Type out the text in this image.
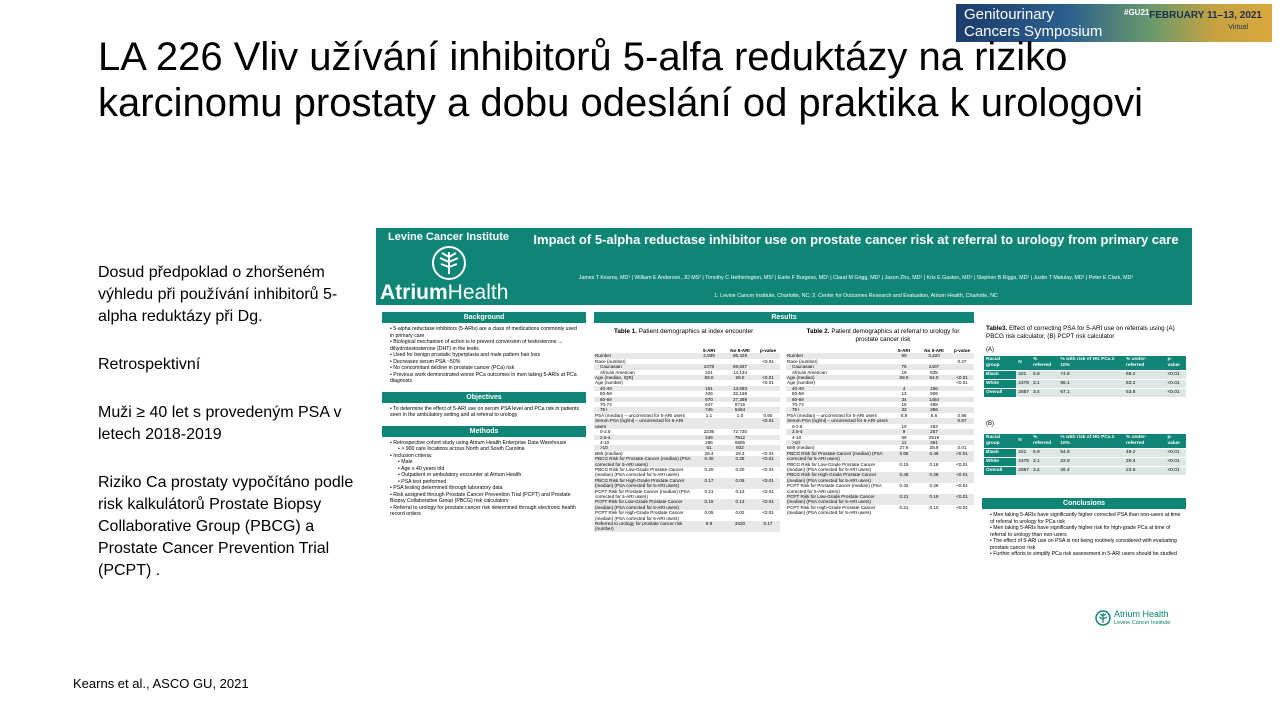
Genitourinary
Cancers Symposium
#GU21 FEBRUARY 11–13, 2021
Virtual
LA 226 Vliv užívání inhibitorů 5-alfa reduktázy na riziko karcinomu prostaty a dobu odeslání od praktika k urologovi

Dosud předpoklad o zhoršeném výhledu při používání inhibitorů 5-alpha reduktázy při Dg.

Retrospektivní

Muži ≥ 40 let s provedeným PSA v letech 2018-2019

Riziko Ca prostaty vypočítáno podle risk kalkulátorů Prostate Biopsy Collaborative Group (PBCG) a Prostate Cancer Prevention Trial (PCPT) .

Kearns et al., ASCO GU, 2021
Levine Cancer Institute
AtriumHealth
Impact of 5-alpha reductase inhibitor use on prostate cancer risk at referral to urology from primary care
James T Kearns, MD¹ | William E Anderson, JD MS² | Timothy C Hetherington, MS² | Earle F Burgess, MD¹ | Claud M Grigg, MD¹ | Jason Zhu, MD¹ | Kris E Gaston, MD¹ | Stephen B Riggs, MD¹ | Justin T Matulay, MD¹ | Peter E Clark, MD¹
1. Levine Cancer Institute, Charlotte, NC; 2. Center for Outcomes Research and Evaluation, Atrium Health, Charlotte, NC
Background
• 5-alpha reductase inhibitors (5-ARIs) are a class of medications commonly used in primary care
• Biological mechanism of action is to prevent conversion of testosterone → dihydrotestosterone (DHT) in the testis
• Used for benign prostatic hyperplasia and male pattern hair loss
• Decreases serum PSA ~50%
• No concomitant decline in prostate cancer (PCa) risk
• Previous work demonstrated worse PCa outcomes in men taking 5-ARIs at PCa diagnosis
Objectives
• To determine the effect of 5-ARI use on serum PSA level and PCa risk in patients seen in the ambulatory setting and at referral to urology
Methods
• Retrospective cohort study using Atrium Health Enterprise Data Warehouse
• > 900 care locations across North and South Carolina
• Inclusion criteria:
• Male
• Age ≥ 40 years old
• Outpatient or ambulatory encounter at Atrium Health
• PSA test performed
• PSA testing determined through laboratory data
• Risk assigned through Prostate Cancer Prevention Trial (PCPT) and Prostate Biopsy Collaborative Group (PBCG) risk calculators
• Referral to urology for prostate cancer risk determined through electronic health record orders
Results
Table 1. Patient demographics at index encounter
	5-ARI	No 5-ARI	p-value
Number	2,939	86,429	
Race (number)			<0.01
Caucasian	2478	69,837	
African American	321	14,134	
Age (median, IQR)	69.0	59.0	<0.01
Age (number)			<0.01
40-49	151	13,693	
50-59	426	32,168	
60-69	970	27,389	
70-74	647	8715	
75+	745	6464	
PSA (median) – uncorrected for 5-ARI users	1.1	1.0	0.60
Serum PSA (ng/ml) – uncorrected for 5-ARI users			<0.01
0-2.5	2236	72,730	
2.5-4	346	7912	
4-10	296	6865	
>10	61	922	
BMI (median)	28.4	29.3	<0.01
PBCG Risk for Prostate Cancer (median) (PSA corrected for 5-ARI users)	0.40	0.28	<0.01
PBCG Risk for Low-Grade Prostate Cancer (median) (PSA corrected for 5-ARI users)	0.20	0.20	<0.01
PBCG Risk for High-Grade Prostate Cancer (median) (PSA corrected for 5-ARI users)	0.17	0.06	<0.01
PCPT Risk for Prostate Cancer (median) (PSA corrected for 5-ARI users)	0.21	0.13	<0.01
PCPT Risk for Low-Grade Prostate Cancer (median) (PSA corrected for 5-ARI users)	0.16	0.12	<0.01
PCPT Risk for High-Grade Prostate Cancer (median) (PSA corrected for 5-ARI users)	0.05	0.02	<0.01
Referred to urology for prostate cancer risk (number)	9.9	3420	0.17
Table 2. Patient demographics at referral to urology for prostate cancer risk
	5-ARI	No 5-ARI	p-value
Number	99	3,420	
Race (number)			0.27
Caucasian	76	2407	
African American	19	835	
Age (median)	69.0	64.0	<0.01
Age (number)			<0.01
40-49	4	156	
50-59	13	906	
60-69	34	1484	
70-74	15	488	
75+	33	386	
PSA (median) – uncorrected for 5-ARI users	5.8	5.6	0.86
Serum PSA (ng/ml) – uncorrected for 5-ARI users			0.57
0-2.5	10	283	
2.5-4	9	257	
4-10	69	2519	
>10	11	361	
BMI (median)	27.6	28.9	0.01
PBCG Risk for Prostate Cancer (median) (PSA corrected for 5-ARI users)	0.65	0.49	<0.01
PBCG Risk for Low-Grade Prostate Cancer (median) (PSA corrected for 5-ARI users)	0.15	0.18	<0.01
PBCG Risk for High-Grade Prostate Cancer (median) (PSA corrected for 5-ARI users)	0.48	0.28	<0.01
PCPT Risk for Prostate Cancer (median) (PSA corrected for 5-ARI users)	0.42	0.29	<0.01
PCPT Risk for Low-Grade Prostate Cancer (median) (PSA corrected for 5-ARI users)	0.21	0.19	<0.01
PCPT Risk for High-Grade Prostate Cancer (median) (PSA corrected for 5-ARI users)	0.21	0.10	<0.01
Table3. Effect of correcting PSA for 5-ARI use on referrals using (A) PBCG risk calculator, (B) PCPT risk calculator
(A)
Racial group	N	% referred	% with risk of HG PCa ≥ 10%	% under-referred	p-value
Black	321	5.9	74.8	69.2	<0.01
White	2478	3.1	66.1	63.2	<0.01
Overall	2857	3.4	67.1	63.8	<0.01
(B)
Racial group	N	% referred	% with risk of HG PCa ≥ 10%	% under-referred	p-value
Black	321	5.9	54.8	49.2	<0.01
White	2478	3.1	22.8	20.4	<0.01
Overall	2857	3.4	26.4	23.6	<0.01
Conclusions
• Men taking 5-ARIs have significantly higher corrected PSA than non-users at time of referral to urology for PCa risk
• Men taking 5-ARIs have significantly higher risk for high-grade PCa at time of referral to urology than non-users
• The effect of 5-ARI use on PSA is not being routinely considered with evaluating prostate cancer risk
• Further efforts to simplify PCa risk assessment in 5-ARI users should be studied
Atrium Health
Levine Cancer Institute
